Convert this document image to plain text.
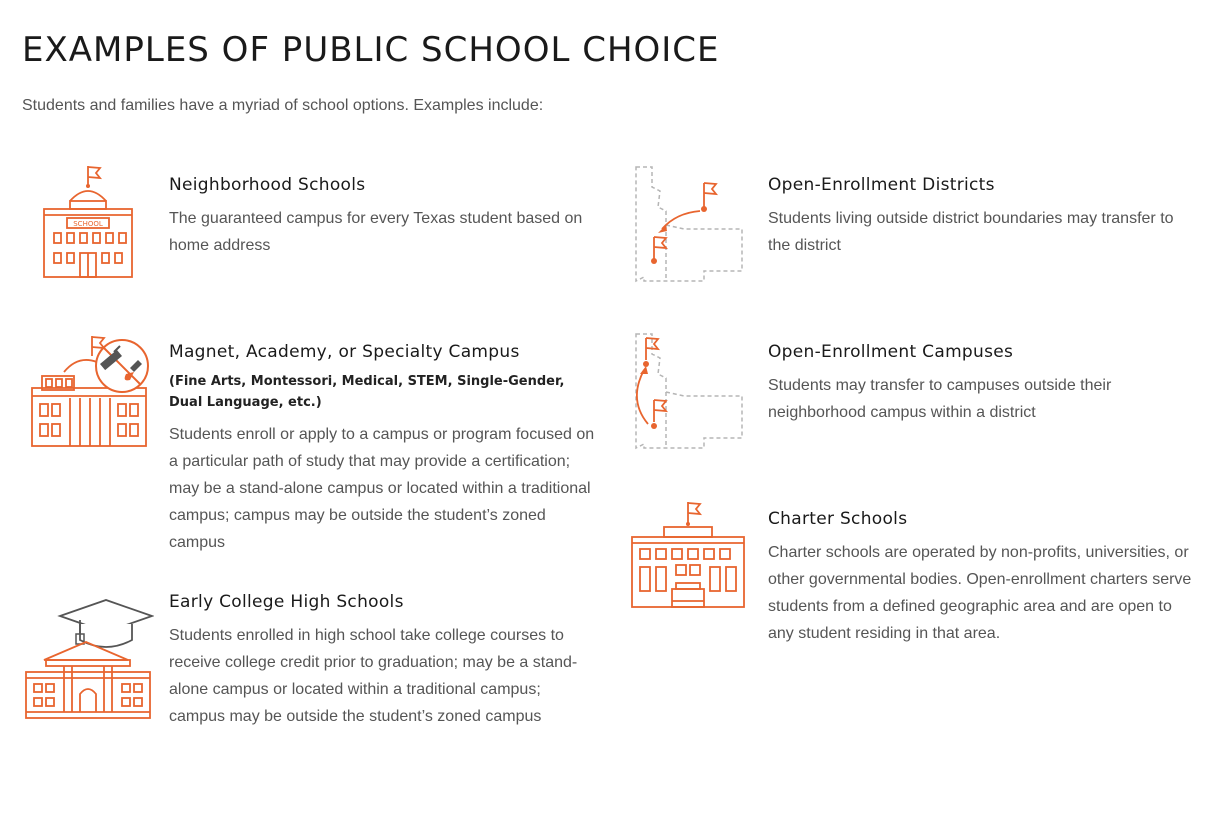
EXAMPLES OF PUBLIC SCHOOL CHOICE

Students and families have a myriad of school options. Examples include:

SCHOOL
Neighborhood Schools

The guaranteed campus for every Texas student based on home address

Magnet, Academy, or Specialty Campus

(Fine Arts, Montessori, Medical, STEM, Single-Gender, Dual Language, etc.)

Students enroll or apply to a campus or program focused on a particular path of study that may provide a certification; may be a stand-alone campus or located within a traditional campus; campus may be outside the student’s zoned campus

Early College High Schools

Students enrolled in high school take college courses to receive college credit prior to graduation; may be a stand-alone campus or located within a traditional campus; campus may be outside the student’s zoned campus

Open-Enrollment Districts

Students living outside district boundaries may transfer to the district

Open-Enrollment Campuses

Students may transfer to campuses outside their neighborhood campus within a district

Charter Schools

Charter schools are operated by non-profits, universities, or other governmental bodies. Open-enrollment charters serve students from a defined geographic area and are open to any student residing in that area.
